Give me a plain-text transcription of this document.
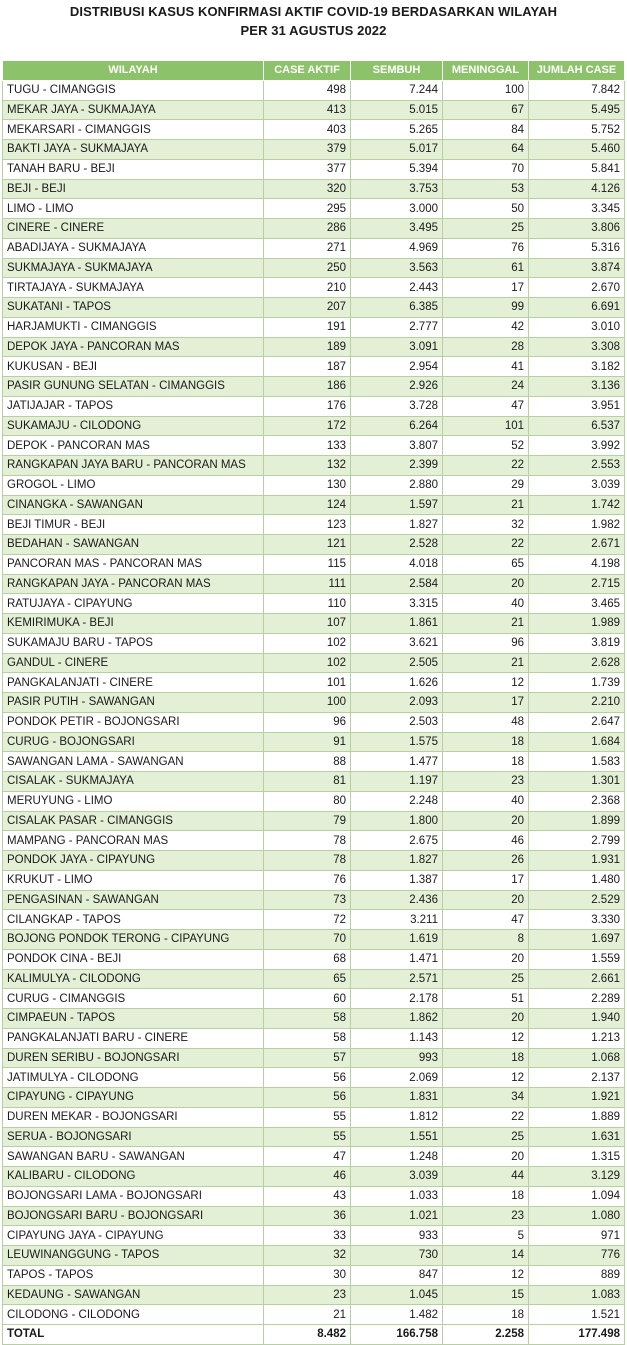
DISTRIBUSI KASUS KONFIRMASI AKTIF COVID-19 BERDASARKAN WILAYAH
PER 31 AGUSTUS 2022
WILAYAH	CASE AKTIF	SEMBUH	MENINGGAL	JUMLAH CASE
TUGU - CIMANGGIS	498	7.244	100	7.842
MEKAR JAYA - SUKMAJAYA	413	5.015	67	5.495
MEKARSARI - CIMANGGIS	403	5.265	84	5.752
BAKTI JAYA - SUKMAJAYA	379	5.017	64	5.460
TANAH BARU - BEJI	377	5.394	70	5.841
BEJI - BEJI	320	3.753	53	4.126
LIMO - LIMO	295	3.000	50	3.345
CINERE - CINERE	286	3.495	25	3.806
ABADIJAYA - SUKMAJAYA	271	4.969	76	5.316
SUKMAJAYA - SUKMAJAYA	250	3.563	61	3.874
TIRTAJAYA - SUKMAJAYA	210	2.443	17	2.670
SUKATANI - TAPOS	207	6.385	99	6.691
HARJAMUKTI - CIMANGGIS	191	2.777	42	3.010
DEPOK JAYA - PANCORAN MAS	189	3.091	28	3.308
KUKUSAN - BEJI	187	2.954	41	3.182
PASIR GUNUNG SELATAN - CIMANGGIS	186	2.926	24	3.136
JATIJAJAR - TAPOS	176	3.728	47	3.951
SUKAMAJU - CILODONG	172	6.264	101	6.537
DEPOK - PANCORAN MAS	133	3.807	52	3.992
RANGKAPAN JAYA BARU - PANCORAN MAS	132	2.399	22	2.553
GROGOL - LIMO	130	2.880	29	3.039
CINANGKA - SAWANGAN	124	1.597	21	1.742
BEJI TIMUR - BEJI	123	1.827	32	1.982
BEDAHAN - SAWANGAN	121	2.528	22	2.671
PANCORAN MAS - PANCORAN MAS	115	4.018	65	4.198
RANGKAPAN JAYA - PANCORAN MAS	111	2.584	20	2.715
RATUJAYA - CIPAYUNG	110	3.315	40	3.465
KEMIRIMUKA - BEJI	107	1.861	21	1.989
SUKAMAJU BARU - TAPOS	102	3.621	96	3.819
GANDUL - CINERE	102	2.505	21	2.628
PANGKALANJATI - CINERE	101	1.626	12	1.739
PASIR PUTIH - SAWANGAN	100	2.093	17	2.210
PONDOK PETIR - BOJONGSARI	96	2.503	48	2.647
CURUG - BOJONGSARI	91	1.575	18	1.684
SAWANGAN LAMA - SAWANGAN	88	1.477	18	1.583
CISALAK - SUKMAJAYA	81	1.197	23	1.301
MERUYUNG - LIMO	80	2.248	40	2.368
CISALAK PASAR - CIMANGGIS	79	1.800	20	1.899
MAMPANG - PANCORAN MAS	78	2.675	46	2.799
PONDOK JAYA - CIPAYUNG	78	1.827	26	1.931
KRUKUT - LIMO	76	1.387	17	1.480
PENGASINAN - SAWANGAN	73	2.436	20	2.529
CILANGKAP - TAPOS	72	3.211	47	3.330
BOJONG PONDOK TERONG - CIPAYUNG	70	1.619	8	1.697
PONDOK CINA - BEJI	68	1.471	20	1.559
KALIMULYA - CILODONG	65	2.571	25	2.661
CURUG - CIMANGGIS	60	2.178	51	2.289
CIMPAEUN - TAPOS	58	1.862	20	1.940
PANGKALANJATI BARU - CINERE	58	1.143	12	1.213
DUREN SERIBU - BOJONGSARI	57	993	18	1.068
JATIMULYA - CILODONG	56	2.069	12	2.137
CIPAYUNG - CIPAYUNG	56	1.831	34	1.921
DUREN MEKAR - BOJONGSARI	55	1.812	22	1.889
SERUA - BOJONGSARI	55	1.551	25	1.631
SAWANGAN BARU - SAWANGAN	47	1.248	20	1.315
KALIBARU - CILODONG	46	3.039	44	3.129
BOJONGSARI LAMA - BOJONGSARI	43	1.033	18	1.094
BOJONGSARI BARU - BOJONGSARI	36	1.021	23	1.080
CIPAYUNG JAYA - CIPAYUNG	33	933	5	971
LEUWINANGGUNG - TAPOS	32	730	14	776
TAPOS - TAPOS	30	847	12	889
KEDAUNG - SAWANGAN	23	1.045	15	1.083
CILODONG - CILODONG	21	1.482	18	1.521
TOTAL	8.482	166.758	2.258	177.498
